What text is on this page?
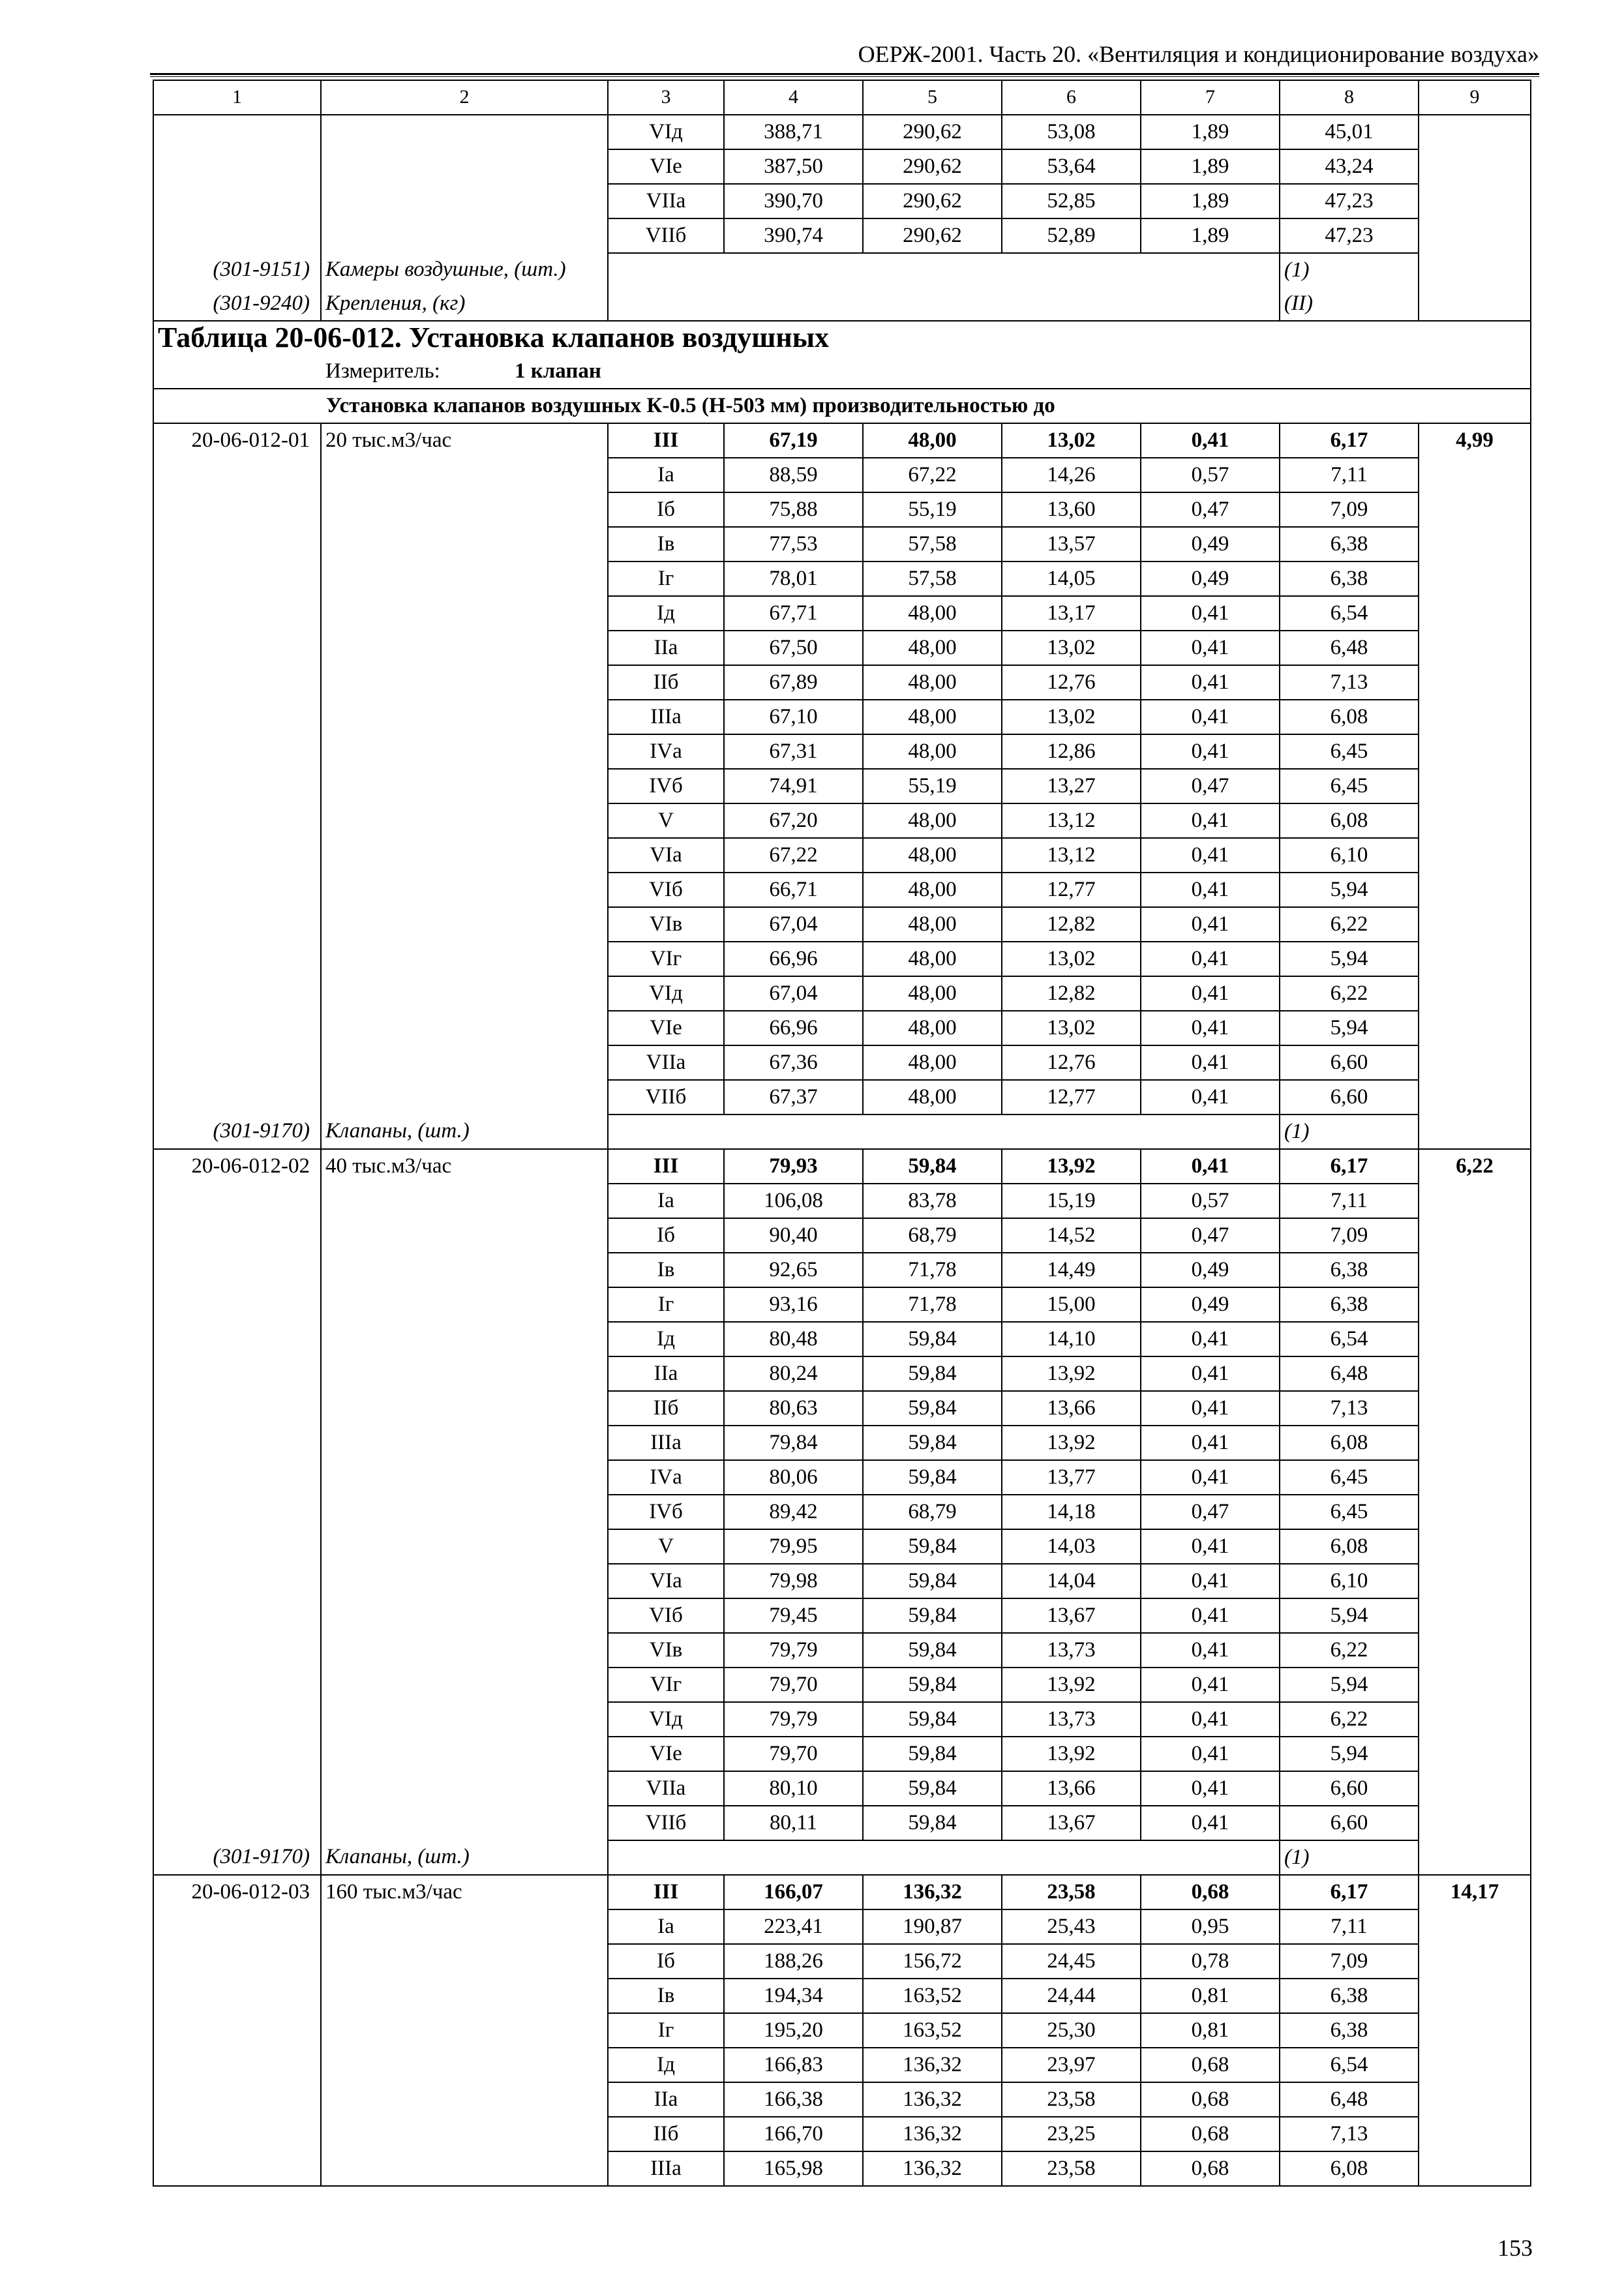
ОЕРЖ-2001. Часть 20. «Вентиляция и кондиционирование воздуха»
1	2	3	4	5	6	7	8	9
		VIд	388,71	290,62	53,08	1,89	45,01	
		VIе	387,50	290,62	53,64	1,89	43,24	
		VIIа	390,70	290,62	52,85	1,89	47,23	
		VIIб	390,74	290,62	52,89	1,89	47,23	
(301-9151)	Камеры воздушные, (шт.)						(1)	
(301-9240)	Крепления, (кг)						(II)	
Таблица 20-06-012. Установка клапанов воздушных								
Измеритель: 1 клапан								
	Установка клапанов воздушных К-0.5 (Н-503 мм) производительностью до							
20-06-012-01	20 тыс.м3/час	III	67,19	48,00	13,02	0,41	6,17	4,99
		Iа	88,59	67,22	14,26	0,57	7,11	
		Iб	75,88	55,19	13,60	0,47	7,09	
		Iв	77,53	57,58	13,57	0,49	6,38	
		Iг	78,01	57,58	14,05	0,49	6,38	
		Iд	67,71	48,00	13,17	0,41	6,54	
		IIа	67,50	48,00	13,02	0,41	6,48	
		IIб	67,89	48,00	12,76	0,41	7,13	
		IIIа	67,10	48,00	13,02	0,41	6,08	
		IVа	67,31	48,00	12,86	0,41	6,45	
		IVб	74,91	55,19	13,27	0,47	6,45	
		V	67,20	48,00	13,12	0,41	6,08	
		VIа	67,22	48,00	13,12	0,41	6,10	
		VIб	66,71	48,00	12,77	0,41	5,94	
		VIв	67,04	48,00	12,82	0,41	6,22	
		VIг	66,96	48,00	13,02	0,41	5,94	
		VIд	67,04	48,00	12,82	0,41	6,22	
		VIе	66,96	48,00	13,02	0,41	5,94	
		VIIа	67,36	48,00	12,76	0,41	6,60	
		VIIб	67,37	48,00	12,77	0,41	6,60	
(301-9170)	Клапаны, (шт.)						(1)	
20-06-012-02	40 тыс.м3/час	III	79,93	59,84	13,92	0,41	6,17	6,22
		Iа	106,08	83,78	15,19	0,57	7,11	
		Iб	90,40	68,79	14,52	0,47	7,09	
		Iв	92,65	71,78	14,49	0,49	6,38	
		Iг	93,16	71,78	15,00	0,49	6,38	
		Iд	80,48	59,84	14,10	0,41	6,54	
		IIа	80,24	59,84	13,92	0,41	6,48	
		IIб	80,63	59,84	13,66	0,41	7,13	
		IIIа	79,84	59,84	13,92	0,41	6,08	
		IVа	80,06	59,84	13,77	0,41	6,45	
		IVб	89,42	68,79	14,18	0,47	6,45	
		V	79,95	59,84	14,03	0,41	6,08	
		VIа	79,98	59,84	14,04	0,41	6,10	
		VIб	79,45	59,84	13,67	0,41	5,94	
		VIв	79,79	59,84	13,73	0,41	6,22	
		VIг	79,70	59,84	13,92	0,41	5,94	
		VIд	79,79	59,84	13,73	0,41	6,22	
		VIе	79,70	59,84	13,92	0,41	5,94	
		VIIа	80,10	59,84	13,66	0,41	6,60	
		VIIб	80,11	59,84	13,67	0,41	6,60	
(301-9170)	Клапаны, (шт.)						(1)	
20-06-012-03	160 тыс.м3/час	III	166,07	136,32	23,58	0,68	6,17	14,17
		Iа	223,41	190,87	25,43	0,95	7,11	
		Iб	188,26	156,72	24,45	0,78	7,09	
		Iв	194,34	163,52	24,44	0,81	6,38	
		Iг	195,20	163,52	25,30	0,81	6,38	
		Iд	166,83	136,32	23,97	0,68	6,54	
		IIа	166,38	136,32	23,58	0,68	6,48	
		IIб	166,70	136,32	23,25	0,68	7,13	
		IIIа	165,98	136,32	23,58	0,68	6,08	
153
